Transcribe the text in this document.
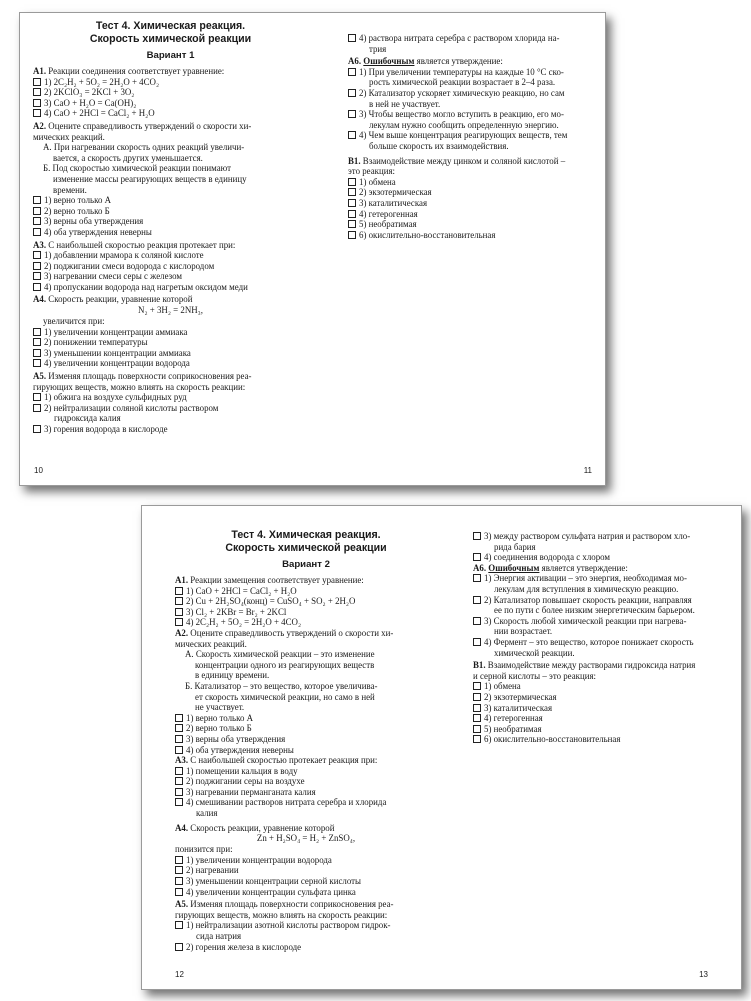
Тест 4. Химическая реакция.
Скорость химической реакции
Вариант 1
А1. Реакции соединения соответствует уравнение:
1) 2C₂H₂ + 5O₂ = 2H₂O + 4CO₂
2) 2KClO₃ = 2KCl + 3O₂
3) CaO + H₂O = Ca(OH)₂
4) CaO + 2HCl = CaCl₂ + H₂O
А2. Оцените справедливость утверждений о скорости хи-
мических реакций.
А. При нагревании скорость одних реакций увеличи-
вается, а скорость других уменьшается.
Б. Под скоростью химической реакции понимают
изменение массы реагирующих веществ в единицу
времени.
1) верно только А
2) верно только Б
3) верны оба утверждения
4) оба утверждения неверны
А3. С наибольшей скоростью реакция протекает при:
1) добавлении мрамора к соляной кислоте
2) поджигании смеси водорода с кислородом
3) нагревании смеси серы с железом
4) пропускании водорода над нагретым оксидом меди
А4. Скорость реакции, уравнение которой
N₂ + 3H₂ = 2NH₃,
увеличится при:
1) увеличении концентрации аммиака
2) понижении температуры
3) уменьшении концентрации аммиака
4) увеличении концентрации водорода
А5. Изменяя площадь поверхности соприкосновения реа-
гирующих веществ, можно влиять на скорость реакции:
1) обжига на воздухе сульфидных руд
2) нейтрализации соляной кислоты раствором
гидроксида калия
3) горения водорода в кислороде
10
4) раствора нитрата серебра с раствором хлорида на-
трия
А6. Ошибочным является утверждение:
1) При увеличении температуры на каждые 10 °С ско-
рость химической реакции возрастает в 2–4 раза.
2) Катализатор ускоряет химическую реакцию, но сам
в ней не участвует.
3) Чтобы вещество могло вступить в реакцию, его мо-
лекулам нужно сообщить определенную энергию.
4) Чем выше концентрация реагирующих веществ, тем
больше скорость их взаимодействия.
В1. Взаимодействие между цинком и соляной кислотой –
это реакция:
1) обмена
2) экзотермическая
3) каталитическая
4) гетерогенная
5) необратимая
6) окислительно-восстановительная
11
Тест 4. Химическая реакция.
Скорость химической реакции
Вариант 2
А1. Реакции замещения соответствует уравнение:
1) CaO + 2HCl = CaCl₂ + H₂O
2) Cu + 2H₂SO₄(конц) = CuSO₄ + SO₂ + 2H₂O
3) Cl₂ + 2KBr = Br₂ + 2KCl
4) 2C₂H₂ + 5O₂ = 2H₂O + 4CO₂
А2. Оцените справедливость утверждений о скорости хи-
мических реакций.
А. Скорость химической реакции – это изменение
концентрации одного из реагирующих веществ
в единицу времени.
Б. Катализатор – это вещество, которое увеличива-
ет скорость химической реакции, но само в ней
не участвует.
1) верно только А
2) верно только Б
3) верны оба утверждения
4) оба утверждения неверны
А3. С наибольшей скоростью протекает реакция при:
1) помещении кальция в воду
2) поджигании серы на воздухе
3) нагревании перманганата калия
4) смешивании растворов нитрата серебра и хлорида
калия
А4. Скорость реакции, уравнение которой
Zn + H₂SO₄ = H₂ + ZnSO₄,
понизится при:
1) увеличении концентрации водорода
2) нагревании
3) уменьшении концентрации серной кислоты
4) увеличении концентрации сульфата цинка
А5. Изменяя площадь поверхности соприкосновения реа-
гирующих веществ, можно влиять на скорость реакции:
1) нейтрализации азотной кислоты раствором гидрок-
сида натрия
2) горения железа в кислороде
12
3) между раствором сульфата натрия и раствором хло-
рида бария
4) соединения водорода с хлором
А6. Ошибочным является утверждение:
1) Энергия активации – это энергия, необходимая мо-
лекулам для вступления в химическую реакцию.
2) Катализатор повышает скорость реакции, направляя
ее по пути с более низким энергетическим барьером.
3) Скорость любой химической реакции при нагрева-
нии возрастает.
4) Фермент – это вещество, которое понижает скорость
химической реакции.
В1. Взаимодействие между растворами гидроксида натрия
и серной кислоты – это реакция:
1) обмена
2) экзотермическая
3) каталитическая
4) гетерогенная
5) необратимая
6) окислительно-восстановительная
13
